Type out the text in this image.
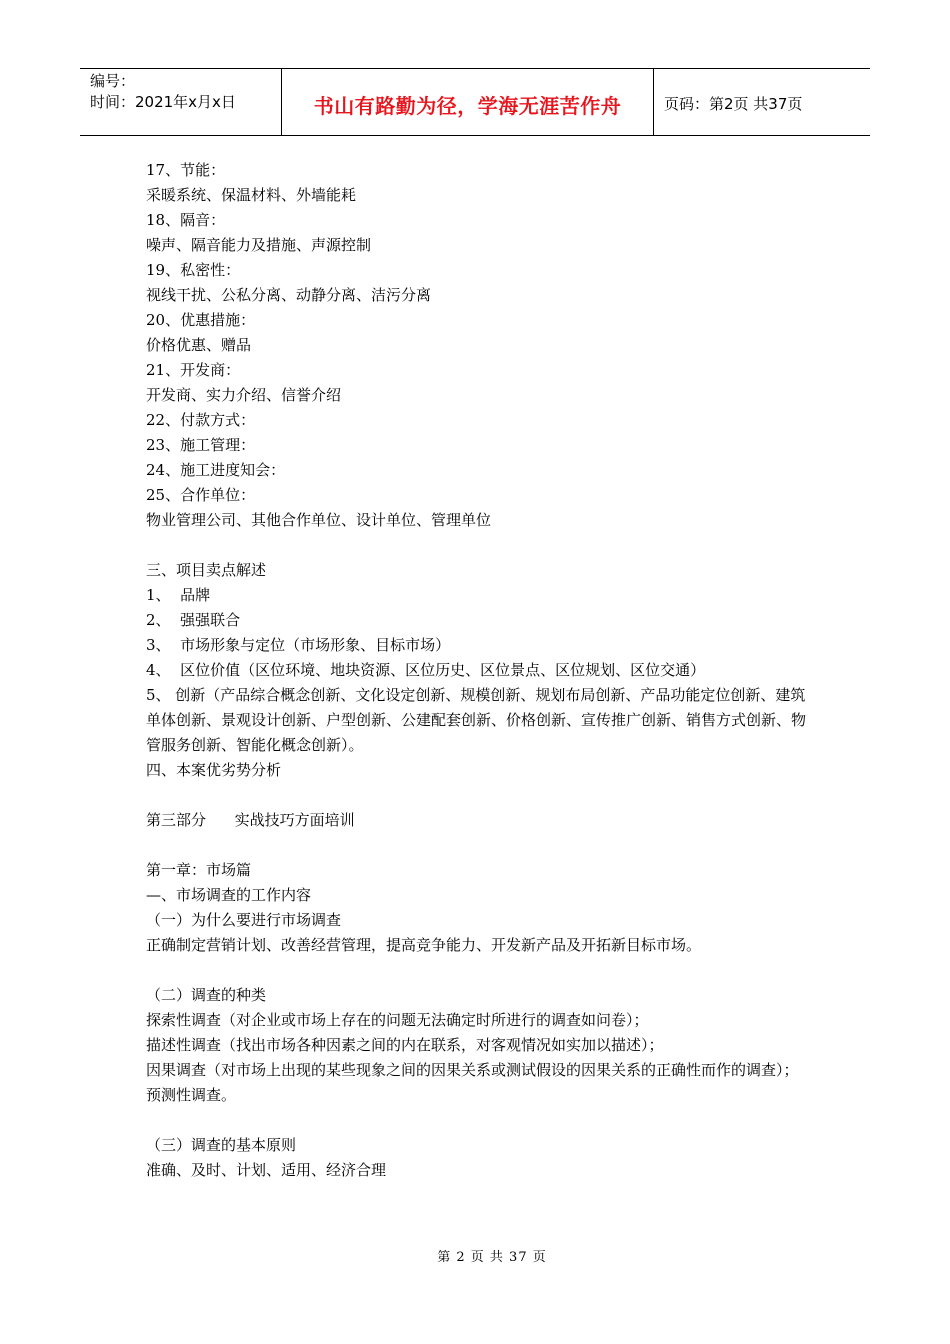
编号：
时间：2021年x月x日	书山有路勤为径，学海无涯苦作舟	页码：第2页 共37页
17、节能：
采暖系统、保温材料、外墙能耗
18、隔音：
噪声、隔音能力及措施、声源控制
19、私密性：
视线干扰、公私分离、动静分离、洁污分离
20、优惠措施：
价格优惠、赠品
21、开发商：
开发商、实力介绍、信誉介绍
22、付款方式：
23、施工管理：
24、施工进度知会：
25、合作单位：
物业管理公司、其他合作单位、设计单位、管理单位
三、项目卖点解述
1、  品牌
2、  强强联合
3、  市场形象与定位（市场形象、目标市场）
4、  区位价值（区位环境、地块资源、区位历史、区位景点、区位规划、区位交通）
5、 创新（产品综合概念创新、文化设定创新、规模创新、规划布局创新、产品功能定位创新、建筑单体创新、景观设计创新、户型创新、公建配套创新、价格创新、宣传推广创新、销售方式创新、物管服务创新、智能化概念创新）。
四、本案优劣势分析
第三部分      实战技巧方面培训
第一章：市场篇
—、市场调查的工作内容
（一）为什么要进行市场调查
正确制定营销计划、改善经营管理，提高竞争能力、开发新产品及开拓新目标市场。
（二）调查的种类
探索性调查（对企业或市场上存在的问题无法确定时所进行的调查如问卷）；
描述性调查（找出市场各种因素之间的内在联系，对客观情况如实加以描述）；
因果调查（对市场上出现的某些现象之间的因果关系或测试假设的因果关系的正确性而作的调查）；
预测性调查。
（三）调查的基本原则
准确、及时、计划、适用、经济合理
第 2 页 共 37 页
